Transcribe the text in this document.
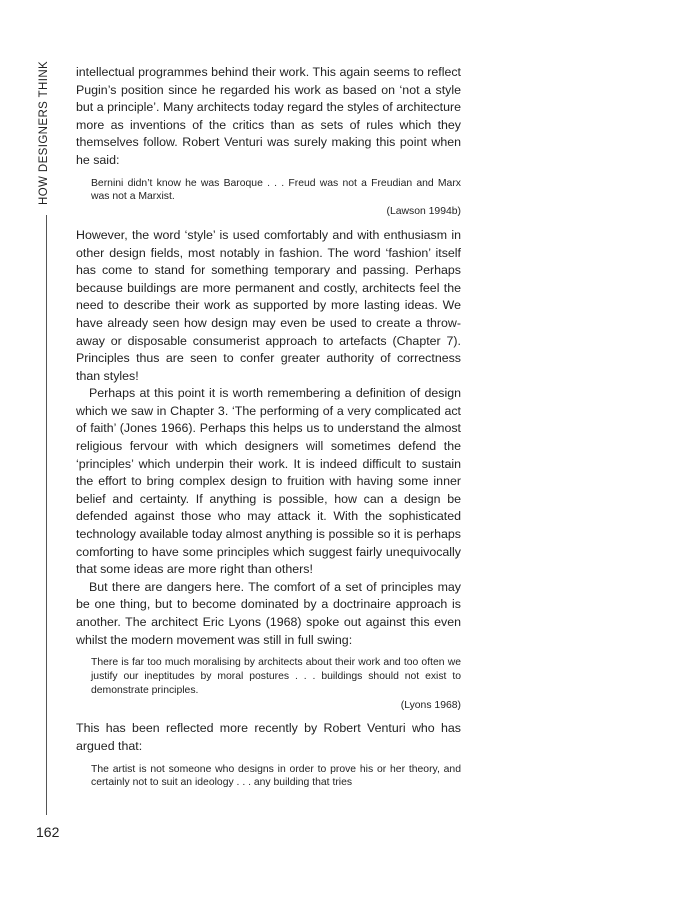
HOW DESIGNERS THINK
162

intellectual programmes behind their work. This again seems to reflect Pugin’s position since he regarded his work as based on ‘not a style but a principle’. Many architects today regard the styles of architecture more as inventions of the critics than as sets of rules which they themselves follow. Robert Venturi was surely making this point when he said:

Bernini didn’t know he was Baroque . . . Freud was not a Freudian and Marx was not a Marxist.

(Lawson 1994b)

However, the word ‘style’ is used comfortably and with enthusiasm in other design fields, most notably in fashion. The word ‘fashion’ itself has come to stand for something temporary and passing. Perhaps because buildings are more permanent and costly, architects feel the need to describe their work as supported by more lasting ideas. We have already seen how design may even be used to create a throw-away or disposable consumerist approach to artefacts (Chapter 7). Principles thus are seen to confer greater authority of correctness than styles!

Perhaps at this point it is worth remembering a definition of design which we saw in Chapter 3. ‘The performing of a very complicated act of faith’ (Jones 1966). Perhaps this helps us to understand the almost religious fervour with which designers will sometimes defend the ‘principles’ which underpin their work. It is indeed difficult to sustain the effort to bring complex design to fruition with having some inner belief and certainty. If anything is possible, how can a design be defended against those who may attack it. With the sophisticated technology available today almost anything is possible so it is perhaps comforting to have some principles which suggest fairly unequivocally that some ideas are more right than others!

But there are dangers here. The comfort of a set of principles may be one thing, but to become dominated by a doctrinaire approach is another. The architect Eric Lyons (1968) spoke out against this even whilst the modern movement was still in full swing:

There is far too much moralising by architects about their work and too often we justify our ineptitudes by moral postures . . . buildings should not exist to demonstrate principles.

(Lyons 1968)

This has been reflected more recently by Robert Venturi who has argued that:

The artist is not someone who designs in order to prove his or her theory, and certainly not to suit an ideology . . . any building that tries
